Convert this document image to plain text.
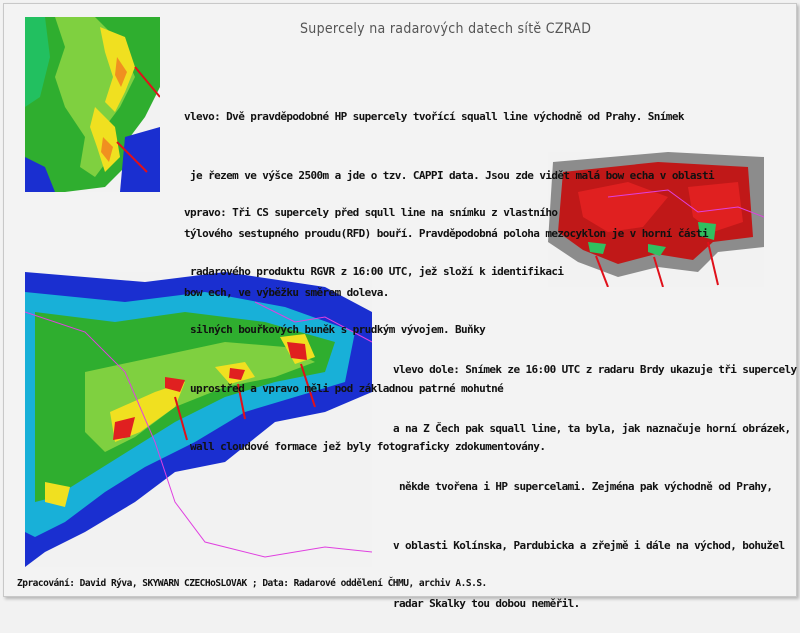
Supercely na radarových datech sítě CZRAD

vlevo: Dvě pravděpodobné HP supercely tvořící squall line východně od Prahy. Snímek

je řezem ve výšce 2500m a jde o tzv. CAPPI data. Jsou zde vidět malá bow echa v oblasti

týlového sestupného proudu(RFD) bouří. Pravděpodobná poloha mezocyklon je v horní části

bow ech, ve výběžku směrem doleva.

vpravo: Tři CS supercely před squll line na snímku z vlastního

radarového produktu RGVR z 16:00 UTC, jež složí k identifikaci

silných bouřkových buněk s prudkým vývojem. Buňky

uprostřed a vpravo měli pod základnou patrné mohutné

wall cloudové formace jež byly fotograficky zdokumentovány.

vlevo dole: Snímek ze 16:00 UTC z radaru Brdy ukazuje tři supercely

a na Z Čech pak squall line, ta byla, jak naznačuje horní obrázek,

někde tvořena i HP supercelami. Zejména pak východně od Prahy,

v oblasti Kolínska, Pardubicka a zřejmě i dále na východ, bohužel

radar Skalky tou dobou neměřil.

Zpracování: David Rýva, SKYWARN CZECHoSLOVAK ; Data: Radarové oddělení ČHMU, archiv A.S.S.
